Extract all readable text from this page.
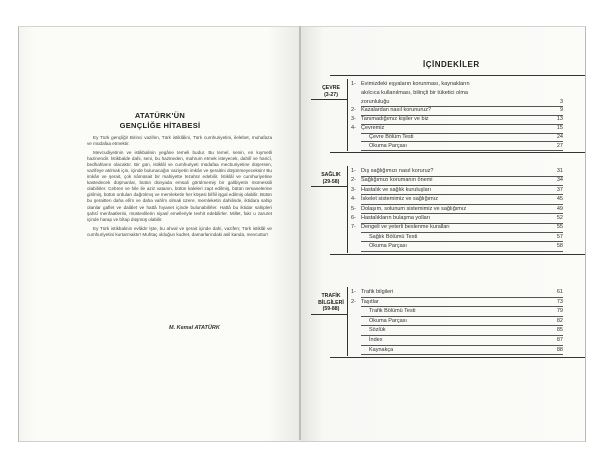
ATATÜRK'ÜN
GENÇLİĞE HİTABESİ

Ey Türk gençliği! Birinci vazifen, Türk istiklâlini, Türk cumhuriyetini, ilelebet, muhafaza ve müdafaa etmektir.

Mevcudiyetinin ve istikbalinin yegâne temeli budur. Bu temel, senin, en kıymetli hazinendir. İstikbalde dahi, seni, bu hazineden, mahrum etmek isteyecek, dahilî ve haricî, bedhahların olacaktır. Bir gün, istiklâl ve cumhuriyeti müdafaa mecburiyetine düşersen, vazifeye atılmak için, içinde bulunacağın vaziyetin imkân ve şeraitini düşünmeyeceksin! Bu imkân ve şerait, çok nâmüsait bir mahiyette tezahür edebilir. İstiklâl ve cumhuriyetine kastedecek düşmanlar, bütün dünyada emsali görülmemiş bir galibiyetin mümessili olabilirler. Cebren ve hile ile aziz vatanın, bütün kaleleri zapt edilmiş, bütün tersanelerine girilmiş, bütün orduları dağıtılmış ve memleketin her köşesi bilfiil işgal edilmiş olabilir. Bütün bu şeraitten daha elîm ve daha vahîm olmak üzere, memleketin dahilinde, iktidara sahip olanlar gaflet ve dalâlet ve hattâ hıyanet içinde bulunabilirler. Hattâ bu iktidar sahipleri şahsî menfaatlerini, müstevlilerin siyasî emelleriyle tevhit edebilirler. Millet, fakr u zaruret içinde harap ve bîtap düşmüş olabilir.

Ey Türk istikbalinin evlâdı! İşte, bu ahval ve şerait içinde dahi, vazifen; Türk istiklâl ve cumhuriyetini kurtarmaktır! Muhtaç olduğun kudret, damarlarındaki asil kanda, mevcuttur!

M. Kemal ATATÜRK
İÇİNDEKİLER
ÇEVRE
(3-27)
1- Evimizdeki eşyaların korunması, kaynakların
akılcıca kullanılması, bilinçli bir tüketici olma
zorunluluğu	3
2- Kazalardan nasıl korunuruz?	9
3- Tanımadığımız kişiler ve biz	13
4- Çevremiz	15
Çevre Bölüm Testi	24
Okuma Parçası	27
SAĞLIK
(29-58)
1- Dış sağlığımızı nasıl koruruz?	31
2- Sağlığımızı korumanın önemi	34
3- Hastalık ve sağlık kuruluşları	37
4- İskelet sistemimiz ve sağlığımız	45
5- Dolaşım, solunum sistemimiz ve sağlığımız	49
6- Hastalıkların bulaşma yolları	52
7- Dengeli ve yeterli beslenme kuralları	55
Sağlık Bölümü Testi	57
Okuma Parçası	58
TRAFİK
BİLGİLERİ
(59-88)
1- Trafik bilgileri	61
2- Taşıtlar	73
Trafik Bölümü Testi	79
Okuma Parçası	82
Sözlük	85
İndex	87
Kaynakça	88
